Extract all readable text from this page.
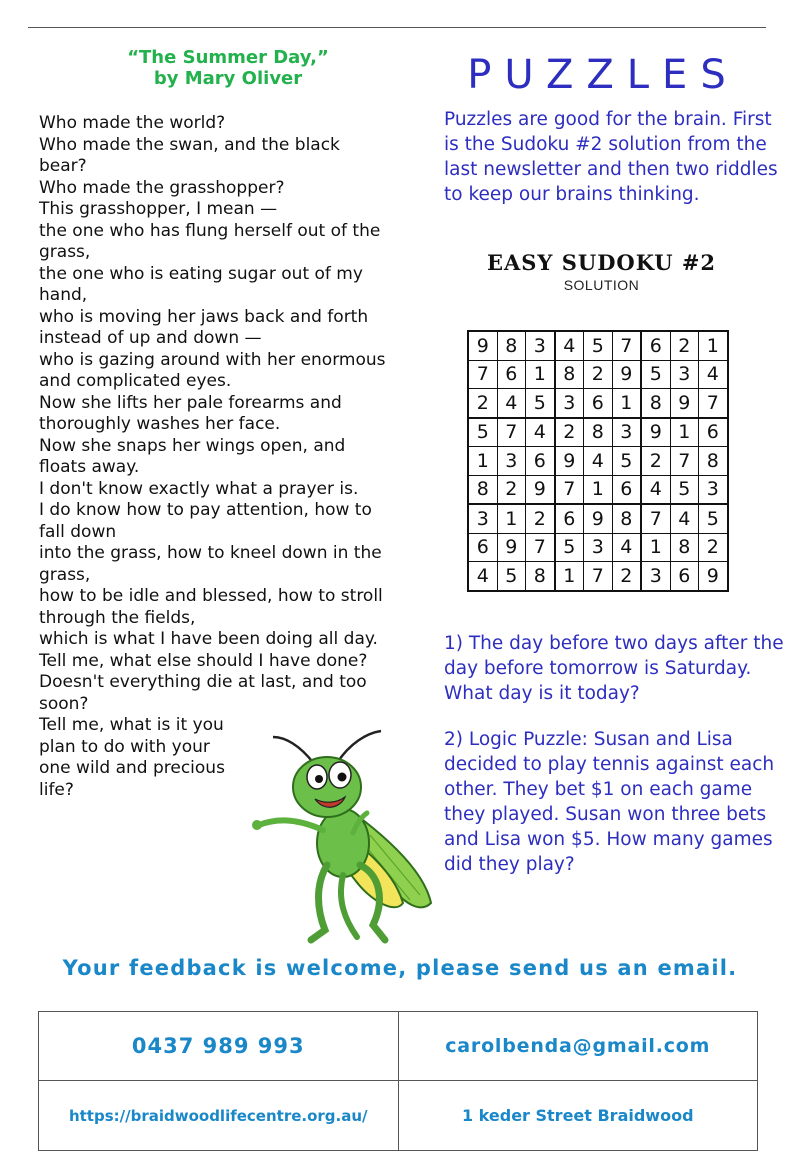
“The Summer Day,”
by Mary Oliver
Who made the world?
Who made the swan, and the black
bear?
Who made the grasshopper?
This grasshopper, I mean —
the one who has flung herself out of the
grass,
the one who is eating sugar out of my
hand,
who is moving her jaws back and forth
instead of up and down —
who is gazing around with her enormous
and complicated eyes.
Now she lifts her pale forearms and
thoroughly washes her face.
Now she snaps her wings open, and
floats away.
I don't know exactly what a prayer is.
I do know how to pay attention, how to
fall down
into the grass, how to kneel down in the
grass,
how to be idle and blessed, how to stroll
through the fields,
which is what I have been doing all day.
Tell me, what else should I have done?
Doesn't everything die at last, and too
soon?
Tell me, what is it you
plan to do with your
one wild and precious
life?
PUZZLES
Puzzles are good for the brain. First
is the Sudoku #2 solution from the
last newsletter and then two riddles
to keep our brains thinking.
EASY SUDOKU #2
SOLUTION
9	8	3	4	5	7	6	2	1
7	6	1	8	2	9	5	3	4
2	4	5	3	6	1	8	9	7
5	7	4	2	8	3	9	1	6
1	3	6	9	4	5	2	7	8
8	2	9	7	1	6	4	5	3
3	1	2	6	9	8	7	4	5
6	9	7	5	3	4	1	8	2
4	5	8	1	7	2	3	6	9
1) The day before two days after the
day before tomorrow is Saturday.
What day is it today?
2) Logic Puzzle: Susan and Lisa
decided to play tennis against each
other. They bet $1 on each game
they played. Susan won three bets
and Lisa won $5. How many games
did they play?
Your feedback is welcome, please send us an email.
0437 989 993	carolbenda@gmail.com
https://braidwoodlifecentre.org.au/	1 keder Street Braidwood
